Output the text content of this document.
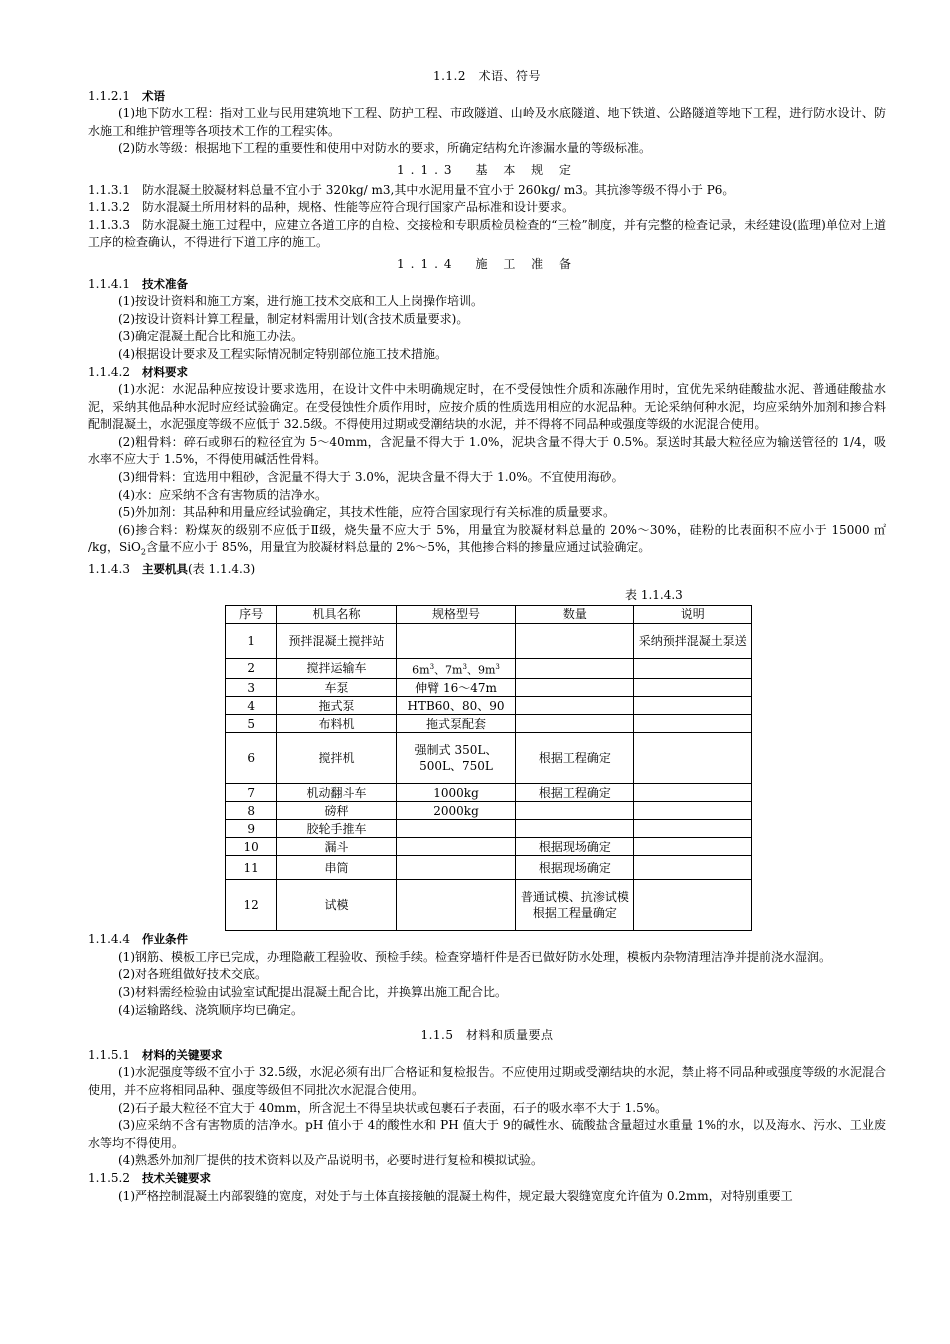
1.1.2　术语、符号

1.1.2.1　 术语

(1)地下防水工程：指对工业与民用建筑地下工程、防护工程、市政隧道、山岭及水底隧道、地下铁道、公路隧道等地下工程，进行防水设计、防水施工和维护管理等各项技术工作的工程实体。

(2)防水等级：根据地下工程的重要性和使用中对防水的要求，所确定结构允许渗漏水量的等级标准。

1.1.3　基 本 规 定

1.1.3.1　防水混凝土胶凝材料总量不宜小于 320kg/ m3,其中水泥用量不宜小于 260kg/ m3。其抗渗等级不得小于 P6。

1.1.3.2　防水混凝土所用材料的品种，规格、性能等应符合现行国家产品标准和设计要求。

1.1.3.3　防水混凝土施工过程中，应建立各道工序的自检、交接检和专职质检员检查的“三检”制度，并有完整的检查记录，未经建设(监理)单位对上道工序的检查确认，不得进行下道工序的施工。

1.1.4　施 工 准 备

1.1.4.1　 技术准备

(1)按设计资料和施工方案，进行施工技术交底和工人上岗操作培训。

(2)按设计资料计算工程量，制定材料需用计划(含技术质量要求)。

(3)确定混凝土配合比和施工办法。

(4)根据设计要求及工程实际情况制定特别部位施工技术措施。

1.1.4.2　 材料要求

(1)水泥：水泥品种应按设计要求选用，在设计文件中未明确规定时，在不受侵蚀性介质和冻融作用时，宜优先采纳硅酸盐水泥、普通硅酸盐水泥，采纳其他品种水泥时应经试验确定。在受侵蚀性介质作用时，应按介质的性质选用相应的水泥品种。无论采纳何种水泥，均应采纳外加剂和掺合料配制混凝土，水泥强度等级不应低于 32.5级。不得使用过期或受潮结块的水泥，并不得将不同品种或强度等级的水泥混合使用。

(2)粗骨料：碎石或卵石的粒径宜为 5～40mm，含泥量不得大于 1.0%，泥块含量不得大于 0.5%。泵送时其最大粒径应为输送管径的 1/4，吸水率不应大于 1.5%，不得使用碱活性骨料。

(3)细骨料：宜选用中粗砂，含泥量不得大于 3.0%，泥块含量不得大于 1.0%。不宜使用海砂。

(4)水：应采纳不含有害物质的洁净水。

(5)外加剂：其品种和用量应经试验确定，其技术性能，应符合国家现行有关标准的质量要求。

(6)掺合料：粉煤灰的级别不应低于Ⅱ级，烧失量不应大于 5%，用量宜为胶凝材料总量的 20%～30%，硅粉的比表面积不应小于 15000 ㎡ /kg，SiO$_2$含量不应小于 85%，用量宜为胶凝材料总量的 2%～5%，其他掺合料的掺量应通过试验确定。

1.1.4.3　 主要机具(表 1.1.4.3)

表 1.1.4.3

序号	机具名称	规格型号	数量	说明
1	预拌混凝土搅拌站			采纳预拌混凝土泵送
2	搅拌运输车	$6m^3$、$7m^3$、$9m^3$		
3	车泵	伸臂 16～47m		
4	拖式泵	HTB60、80、90		
5	布料机	拖式泵配套		
6	搅拌机	强制式 350L、500L、750L	根据工程确定	
7	机动翻斗车	1000kg	根据工程确定	
8	磅秤	2000kg		
9	胶轮手推车			
10	漏斗		根据现场确定	
11	串筒		根据现场确定	
12	试模		普通试模、抗渗试模根据工程量确定	

1.1.4.4　 作业条件

(1)钢筋、模板工序已完成，办理隐蔽工程验收、预检手续。检查穿墙杆件是否已做好防水处理，模板内杂物清理洁净并提前浇水湿润。

(2)对各班组做好技术交底。

(3)材料需经检验由试验室试配提出混凝土配合比，并换算出施工配合比。

(4)运输路线、浇筑顺序均已确定。

1.1.5　材料和质量要点

1.1.5.1　 材料的关键要求

(1)水泥强度等级不宜小于 32.5级，水泥必须有出厂合格证和复检报告。不应使用过期或受潮结块的水泥，禁止将不同品种或强度等级的水泥混合使用，并不应将相同品种、强度等级但不同批次水泥混合使用。

(2)石子最大粒径不宜大于 40mm，所含泥土不得呈块状或包裹石子表面，石子的吸水率不大于 1.5%。

(3)应采纳不含有害物质的洁净水。pH 值小于 4的酸性水和 PH 值大于 9的碱性水、硫酸盐含量超过水重量 1%的水，以及海水、污水、工业废水等均不得使用。

(4)熟悉外加剂厂提供的技术资料以及产品说明书，必要时进行复检和模拟试验。

1.1.5.2　 技术关键要求

(1)严格控制混凝土内部裂缝的宽度，对处于与土体直接接触的混凝土构件，规定最大裂缝宽度允许值为 0.2mm，对特别重要工
